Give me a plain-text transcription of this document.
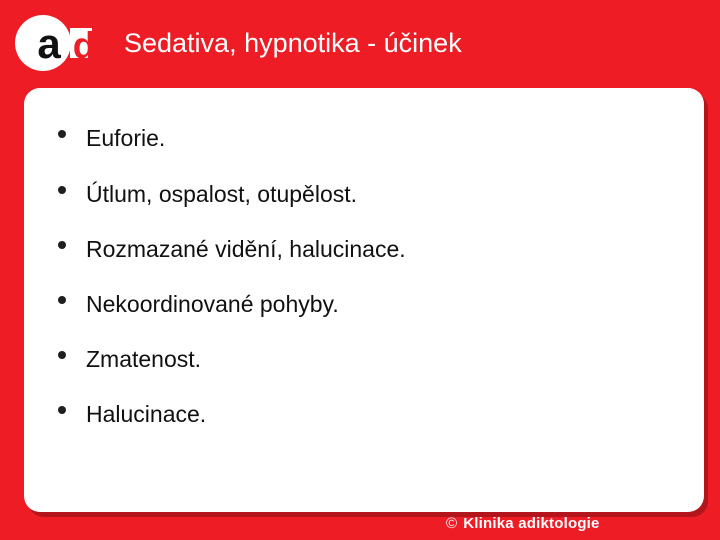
a d Sedativa, hypnotika - účinek
Euforie.
Útlum, ospalost, otupělost.
Rozmazané vidění, halucinace.
Nekoordinované pohyby.
Zmatenost.
Halucinace.
© Klinika adiktologie
